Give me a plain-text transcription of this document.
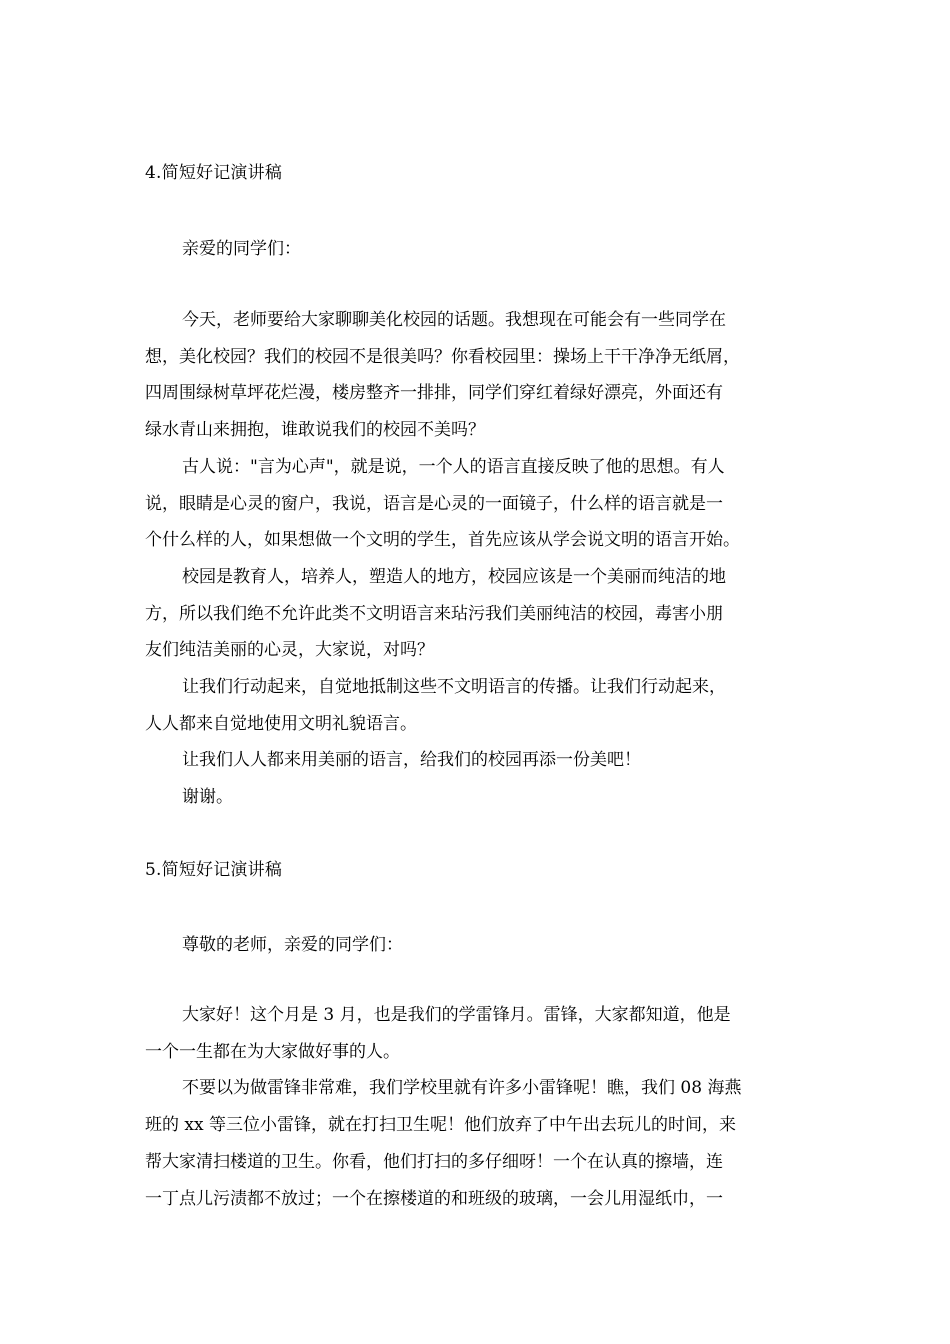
4.简短好记演讲稿
亲爱的同学们：
今天，老师要给大家聊聊美化校园的话题。我想现在可能会有一些同学在
想，美化校园？我们的校园不是很美吗？你看校园里：操场上干干净净无纸屑，
四周围绿树草坪花烂漫，楼房整齐一排排，同学们穿红着绿好漂亮，外面还有
绿水青山来拥抱，谁敢说我们的校园不美吗？
古人说："言为心声"，就是说，一个人的语言直接反映了他的思想。有人
说，眼睛是心灵的窗户，我说，语言是心灵的一面镜子，什么样的语言就是一
个什么样的人，如果想做一个文明的学生，首先应该从学会说文明的语言开始。
校园是教育人，培养人，塑造人的地方，校园应该是一个美丽而纯洁的地
方，所以我们绝不允许此类不文明语言来玷污我们美丽纯洁的校园，毒害小朋
友们纯洁美丽的心灵，大家说，对吗？
让我们行动起来，自觉地抵制这些不文明语言的传播。让我们行动起来，
人人都来自觉地使用文明礼貌语言。
让我们人人都来用美丽的语言，给我们的校园再添一份美吧！
谢谢。
5.简短好记演讲稿
尊敬的老师，亲爱的同学们：
大家好！这个月是 3 月，也是我们的学雷锋月。雷锋，大家都知道，他是
一个一生都在为大家做好事的人。
不要以为做雷锋非常难，我们学校里就有许多小雷锋呢！瞧，我们 08 海燕
班的 xx 等三位小雷锋，就在打扫卫生呢！他们放弃了中午出去玩儿的时间，来
帮大家清扫楼道的卫生。你看，他们打扫的多仔细呀！一个在认真的擦墙，连
一丁点儿污渍都不放过；一个在擦楼道的和班级的玻璃，一会儿用湿纸巾，一
